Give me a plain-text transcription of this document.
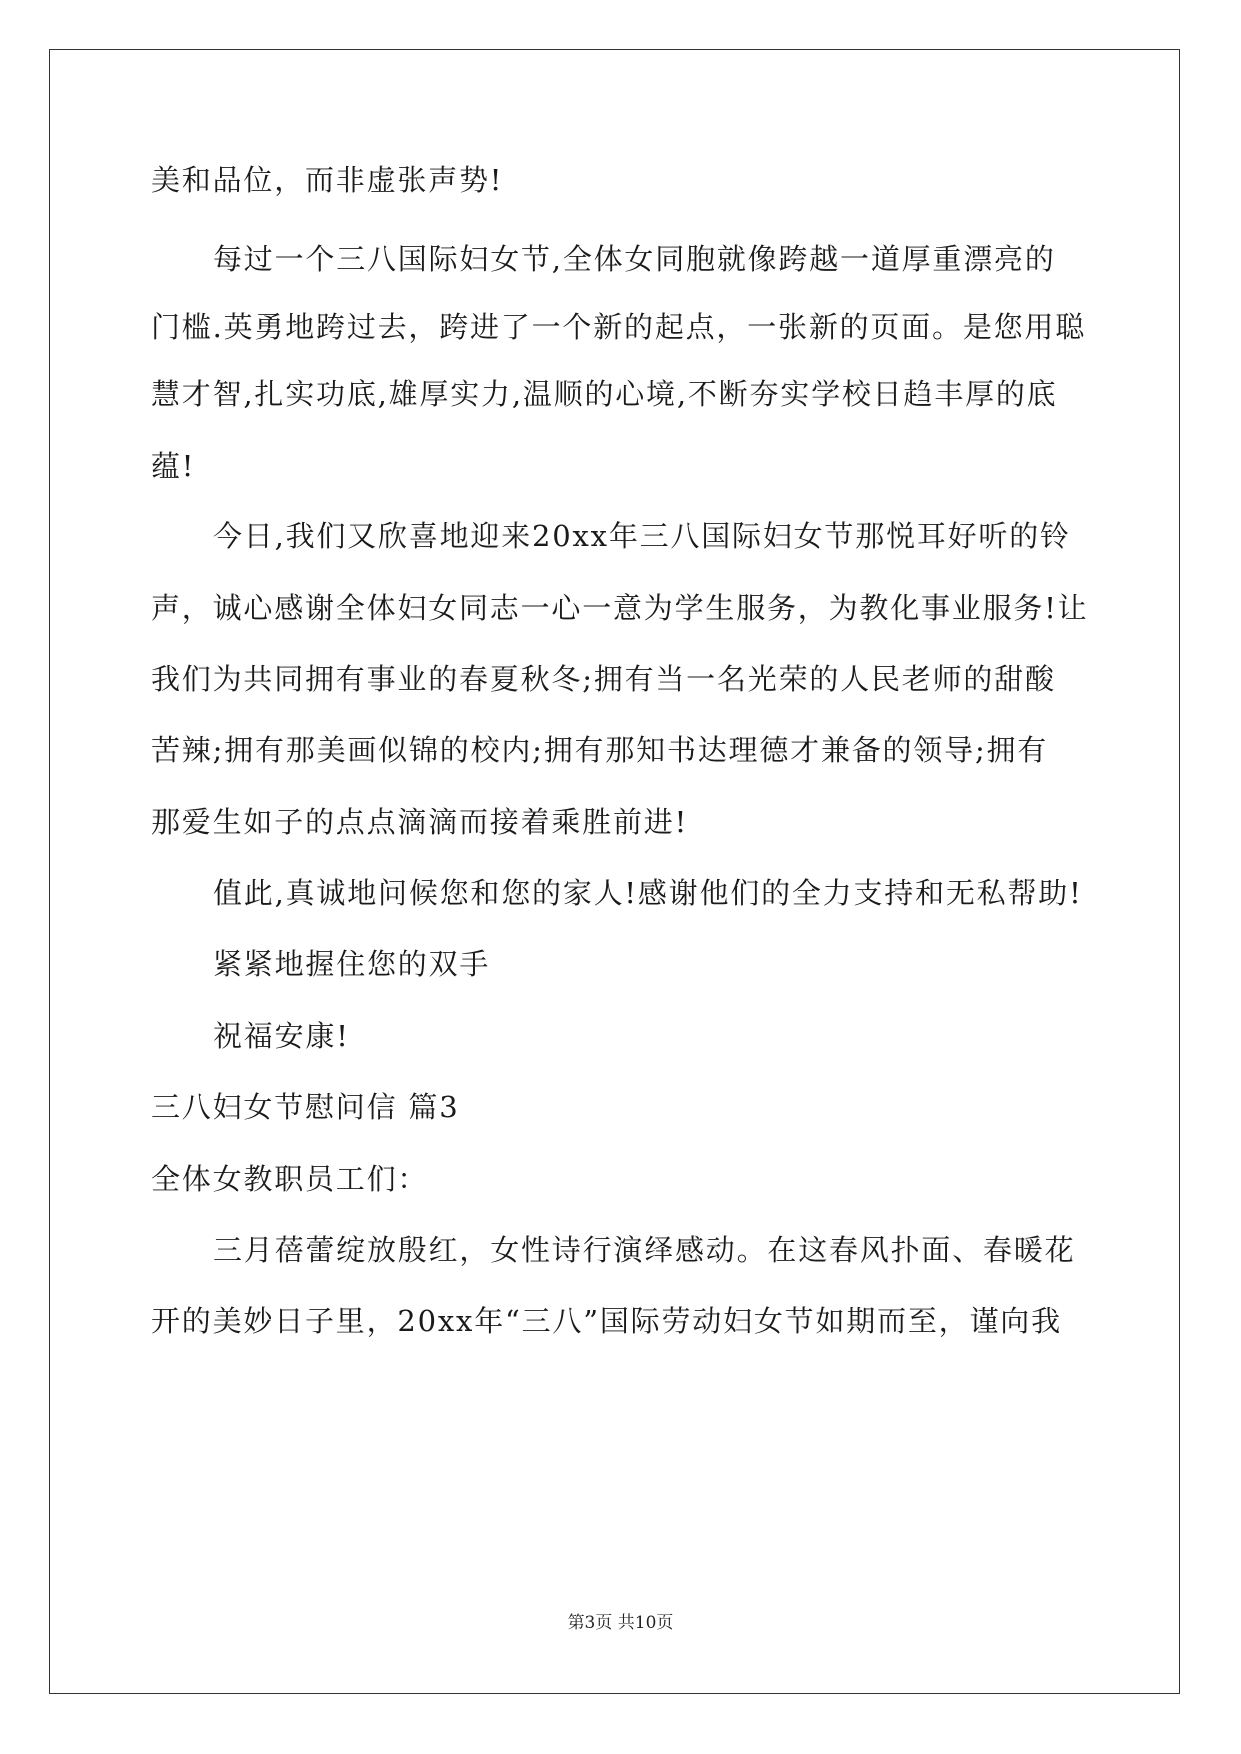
美和品位，而非虚张声势!
每过一个三八国际妇女节,全体女同胞就像跨越一道厚重漂亮的
门槛.英勇地跨过去，跨进了一个新的起点，一张新的页面。是您用聪
慧才智,扎实功底,雄厚实力,温顺的心境,不断夯实学校日趋丰厚的底
蕴!
今日,我们又欣喜地迎来20xx年三八国际妇女节那悦耳好听的铃
声，诚心感谢全体妇女同志一心一意为学生服务，为教化事业服务!让
我们为共同拥有事业的春夏秋冬;拥有当一名光荣的人民老师的甜酸
苦辣;拥有那美画似锦的校内;拥有那知书达理德才兼备的领导;拥有
那爱生如子的点点滴滴而接着乘胜前进!
值此,真诚地问候您和您的家人!感谢他们的全力支持和无私帮助!
紧紧地握住您的双手
祝福安康!
三八妇女节慰问信 篇3
全体女教职员工们：
三月蓓蕾绽放殷红，女性诗行演绎感动。在这春风扑面、春暖花
开的美妙日子里，20xx年“三八”国际劳动妇女节如期而至，谨向我
第3页 共10页
